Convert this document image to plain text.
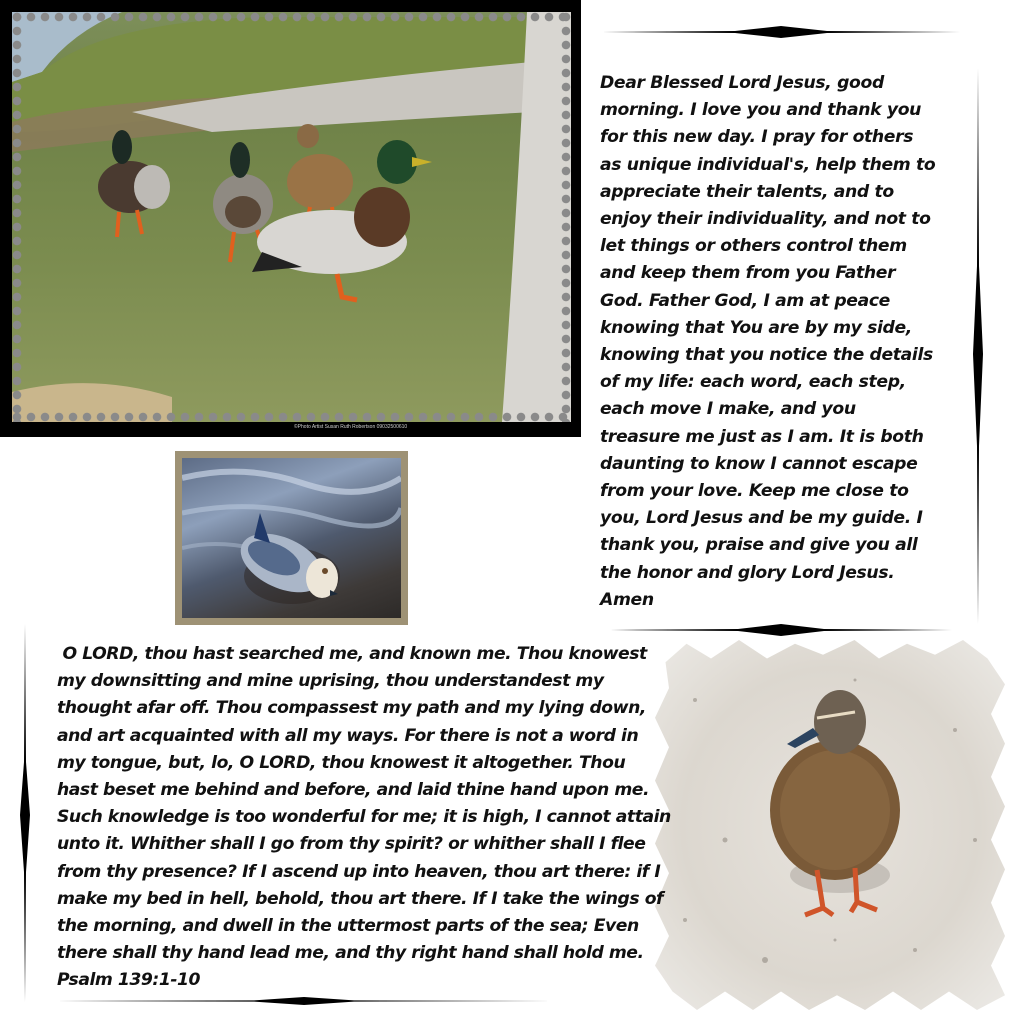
©Photo Artist Susan Ruth Robertson 09032500610
Dear Blessed Lord Jesus, good
morning. I love you and thank you
for this new day. I pray for others
as unique individual's, help them to
appreciate their talents, and to
enjoy their individuality, and not to
let things or others control them
and keep them from you Father
God. Father God, I am at peace
knowing that You are by my side,
knowing that you notice the details
of my life: each word, each step,
each move I make, and you
treasure me just as I am. It is both
daunting to know I cannot escape
from your love. Keep me close to
you, Lord Jesus and be my guide. I
thank you, praise and give you all
the honor and glory Lord Jesus.
Amen
O LORD, thou hast searched me, and known me. Thou knowest
my downsitting and mine uprising, thou understandest my
thought afar off. Thou compassest my path and my lying down,
and art acquainted with all my ways. For there is not a word in
my tongue, but, lo, O LORD, thou knowest it altogether. Thou
hast beset me behind and before, and laid thine hand upon me.
Such knowledge is too wonderful for me; it is high, I cannot attain
unto it. Whither shall I go from thy spirit? or whither shall I flee
from thy presence? If I ascend up into heaven, thou art there: if I
make my bed in hell, behold, thou art there. If I take the wings of
the morning, and dwell in the uttermost parts of the sea; Even
there shall thy hand lead me, and thy right hand shall hold me.
Psalm 139:1-10
